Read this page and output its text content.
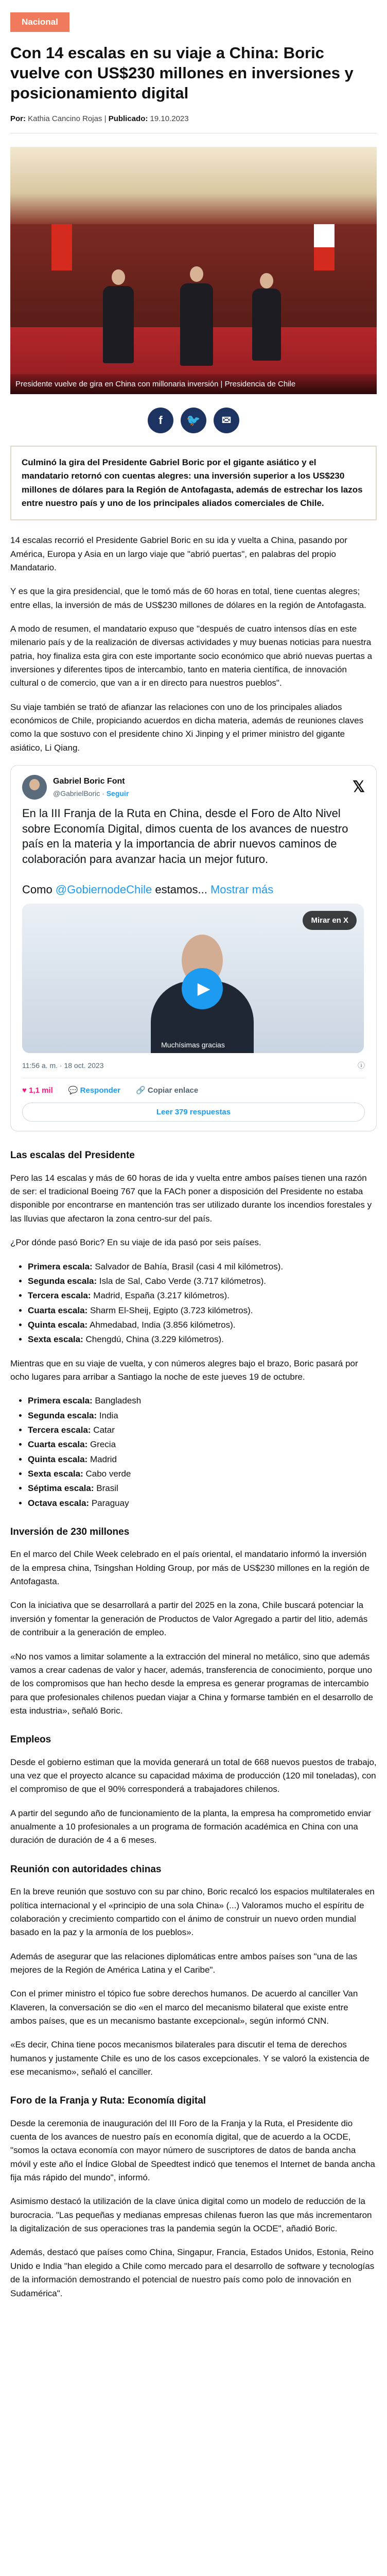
Nacional
Con 14 escalas en su viaje a China: Boric vuelve con US$230 millones en inversiones y posicionamiento digital
Por: Kathia Cancino Rojas | Publicado: 19.10.2023
Presidente vuelve de gira en China con millonaria inversión | Presidencia de Chile
f	🐦	✉
Culminó la gira del Presidente Gabriel Boric por el gigante asiático y el mandatario retornó con cuentas alegres: una inversión superior a los US$230 millones de dólares para la Región de Antofagasta, además de estrechar los lazos entre nuestro país y uno de los principales aliados comerciales de Chile.

14 escalas recorrió el Presidente Gabriel Boric en su ida y vuelta a China, pasando por América, Europa y Asia en un largo viaje que "abrió puertas", en palabras del propio Mandatario.

Y es que la gira presidencial, que le tomó más de 60 horas en total, tiene cuentas alegres; entre ellas, la inversión de más de US$230 millones de dólares en la región de Antofagasta.

A modo de resumen, el mandatario expuso que "después de cuatro intensos días en este milenario país y de la realización de diversas actividades y muy buenas noticias para nuestra patria, hoy finaliza esta gira con este importante socio económico que abrió nuevas puertas a inversiones y diferentes tipos de intercambio, tanto en materia científica, de innovación cultural o de comercio, que van a ir en directo para nuestros pueblos".

Su viaje también se trató de afianzar las relaciones con uno de los principales aliados económicos de Chile, propiciando acuerdos en dicha materia, además de reuniones claves como la que sostuvo con el presidente chino Xi Jinping y el primer ministro del gigante asiático, Li Qiang.

Gabriel Boric Font
@GabrielBoric · Seguir	𝕏
En la III Franja de la Ruta en China, desde el Foro de Alto Nivel sobre Economía Digital, dimos cuenta de los avances de nuestro país en la materia y la importancia de abrir nuevos caminos de colaboración para avanzar hacia un mejor futuro.

Como @GobiernodeChile estamos... Mostrar más
▶
Mirar en X
Muchísimas gracias
11:56 a. m. · 18 oct. 2023	ⓘ
♥ 1,1 mil 💬 Responder 🔗 Copiar enlace
Leer 379 respuestas
Las escalas del Presidente

Pero las 14 escalas y más de 60 horas de ida y vuelta entre ambos países tienen una razón de ser: el tradicional Boeing 767 que la FACh poner a disposición del Presidente no estaba disponible por encontrarse en mantención tras ser utilizado durante los incendios forestales y las lluvias que afectaron la zona centro-sur del país.

¿Por dónde pasó Boric? En su viaje de ida pasó por seis países.

• Primera escala: Salvador de Bahía, Brasil (casi 4 mil kilómetros).
• Segunda escala: Isla de Sal, Cabo Verde (3.717 kilómetros).
• Tercera escala: Madrid, España (3.217 kilómetros).
• Cuarta escala: Sharm El-Sheij, Egipto (3.723 kilómetros).
• Quinta escala: Ahmedabad, India (3.856 kilómetros).
• Sexta escala: Chengdú, China (3.229 kilómetros).

Mientras que en su viaje de vuelta, y con números alegres bajo el brazo, Boric pasará por ocho lugares para arribar a Santiago la noche de este jueves 19 de octubre.

• Primera escala: Bangladesh
• Segunda escala: India
• Tercera escala: Catar
• Cuarta escala: Grecia
• Quinta escala: Madrid
• Sexta escala: Cabo verde
• Séptima escala: Brasil
• Octava escala: Paraguay
Inversión de 230 millones

En el marco del Chile Week celebrado en el país oriental, el mandatario informó la inversión de la empresa china, Tsingshan Holding Group, por más de US$230 millones en la región de Antofagasta.

Con la iniciativa que se desarrollará a partir del 2025 en la zona, Chile buscará potenciar la inversión y fomentar la generación de Productos de Valor Agregado a partir del litio, además de contribuir a la generación de empleo.

«No nos vamos a limitar solamente a la extracción del mineral no metálico, sino que además vamos a crear cadenas de valor y hacer, además, transferencia de conocimiento, porque uno de los compromisos que han hecho desde la empresa es generar programas de intercambio para que profesionales chilenos puedan viajar a China y formarse también en el desarrollo de esta industria», señaló Boric.

Empleos

Desde el gobierno estiman que la movida generará un total de 668 nuevos puestos de trabajo, una vez que el proyecto alcance su capacidad máxima de producción (120 mil toneladas), con el compromiso de que el 90% corresponderá a trabajadores chilenos.

A partir del segundo año de funcionamiento de la planta, la empresa ha comprometido enviar anualmente a 10 profesionales a un programa de formación académica en China con una duración de duración de 4 a 6 meses.

Reunión con autoridades chinas

En la breve reunión que sostuvo con su par chino, Boric recalcó los espacios multilaterales en política internacional y el «principio de una sola China» (...) Valoramos mucho el espíritu de colaboración y crecimiento compartido con el ánimo de construir un nuevo orden mundial basado en la paz y la armonía de los pueblos».

Además de asegurar que las relaciones diplomáticas entre ambos países son "una de las mejores de la Región de América Latina y el Caribe".

Con el primer ministro el tópico fue sobre derechos humanos. De acuerdo al canciller Van Klaveren, la conversación se dio «en el marco del mecanismo bilateral que existe entre ambos países, que es un mecanismo bastante excepcional», según informó CNN.

«Es decir, China tiene pocos mecanismos bilaterales para discutir el tema de derechos humanos y justamente Chile es uno de los casos excepcionales. Y se valoró la existencia de ese mecanismo», señaló el canciller.

Foro de la Franja y Ruta: Economía digital

Desde la ceremonia de inauguración del III Foro de la Franja y la Ruta, el Presidente dio cuenta de los avances de nuestro país en economía digital, que de acuerdo a la OCDE, "somos la octava economía con mayor número de suscriptores de datos de banda ancha móvil y este año el Índice Global de Speedtest indicó que tenemos el Internet de banda ancha fija más rápido del mundo", informó.

Asimismo destacó la utilización de la clave única digital como un modelo de reducción de la burocracia. "Las pequeñas y medianas empresas chilenas fueron las que más incrementaron la digitalización de sus operaciones tras la pandemia según la OCDE", añadió Boric.

Además, destacó que países como China, Singapur, Francia, Estados Unidos, Estonia, Reino Unido e India "han elegido a Chile como mercado para el desarrollo de software y tecnologías de la información demostrando el potencial de nuestro país como polo de innovación en Sudamérica".
